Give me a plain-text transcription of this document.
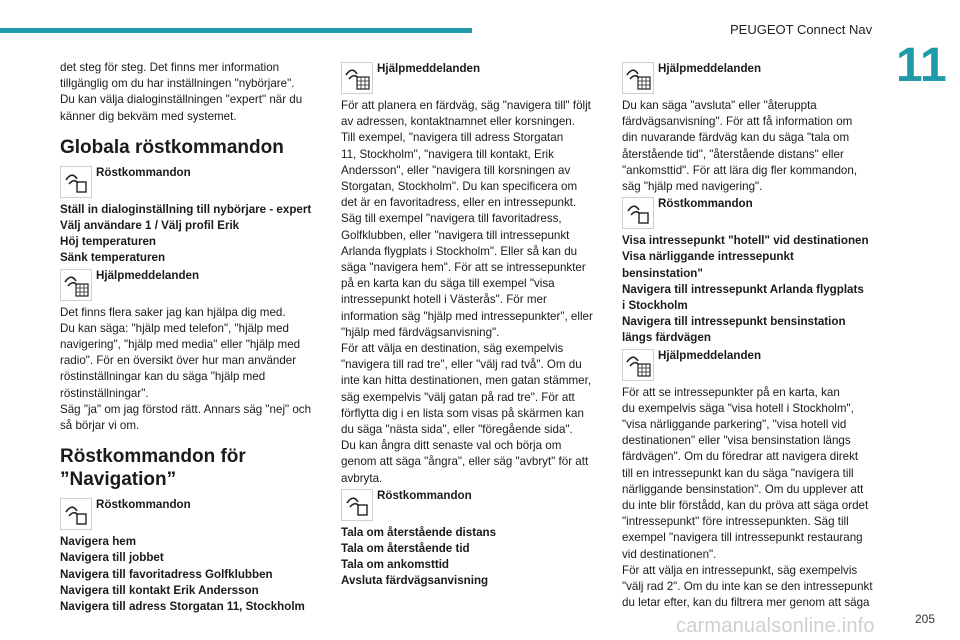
PEUGEOT Connect Nav
11

det steg för steg. Det finns mer information
tillgänglig om du har inställningen "nybörjare".
Du kan välja dialoginställningen "expert" när du
känner dig bekväm med systemet.

Globala röstkommandon
Röstkommandon

Ställ in dialoginställning till nybörjare - expert
Välj användare 1 / Välj profil Erik
Höj temperaturen
Sänk temperaturen

Hjälpmeddelanden

Det finns flera saker jag kan hjälpa dig med.
Du kan säga: "hjälp med telefon", "hjälp med
navigering", "hjälp med media" eller "hjälp med
radio". För en översikt över hur man använder
röstinställningar kan du säga "hjälp med
röstinställningar".
Säg "ja" om jag förstod rätt. Annars säg "nej" och
så börjar vi om.

Röstkommandon för
”Navigation”
Röstkommandon

Navigera hem
Navigera till jobbet
Navigera till favoritadress Golfklubben
Navigera till kontakt Erik Andersson
Navigera till adress Storgatan 11, Stockholm

Hjälpmeddelanden

För att planera en färdväg, säg "navigera till" följt
av adressen, kontaktnamnet eller korsningen.
Till exempel, "navigera till adress Storgatan
11, Stockholm", "navigera till kontakt, Erik
Andersson", eller "navigera till korsningen av
Storgatan, Stockholm". Du kan specificera om
det är en favoritadress, eller en intressepunkt.
Säg till exempel "navigera till favoritadress,
Golfklubben, eller "navigera till intressepunkt
Arlanda flygplats i Stockholm". Eller så kan du
säga "navigera hem". För att se intressepunkter
på en karta kan du säga till exempel "visa
intressepunkt hotell i Västerås". För mer
information säg "hjälp med intressepunkter", eller
"hjälp med färdvägsanvisning".
För att välja en destination, säg exempelvis
"navigera till rad tre", eller "välj rad två". Om du
inte kan hitta destinationen, men gatan stämmer,
säg exempelvis "välj gatan på rad tre". För att
förflytta dig i en lista som visas på skärmen kan
du säga "nästa sida", eller "föregående sida".
Du kan ångra ditt senaste val och börja om
genom att säga "ångra", eller säg "avbryt" för att
avbryta.

Röstkommandon

Tala om återstående distans
Tala om återstående tid
Tala om ankomsttid
Avsluta färdvägsanvisning

Hjälpmeddelanden

Du kan säga "avsluta" eller "återuppta
färdvägsanvisning". För att få information om
din nuvarande färdväg kan du säga "tala om
återstående tid", "återstående distans" eller
"ankomsttid". För att lära dig fler kommandon,
säg "hjälp med navigering".

Röstkommandon

Visa intressepunkt "hotell" vid destinationen
Visa närliggande intressepunkt
bensinstation"
Navigera till intressepunkt Arlanda flygplats
i Stockholm
Navigera till intressepunkt bensinstation
längs färdvägen

Hjälpmeddelanden

För att se intressepunkter på en karta, kan
du exempelvis säga "visa hotell i Stockholm",
"visa närliggande parkering", "visa hotell vid
destinationen" eller "visa bensinstation längs
färdvägen". Om du föredrar att navigera direkt
till en intressepunkt kan du säga "navigera till
närliggande bensinstation". Om du upplever att
du inte blir förstådd, kan du pröva att säga ordet
"intressepunkt" före intressepunkten. Säg till
exempel "navigera till intressepunkt restaurang
vid destinationen".
För att välja en intressepunkt, säg exempelvis
"välj rad 2". Om du inte kan se den intressepunkt
du letar efter, kan du filtrera mer genom att säga

carmanualsonline.info	205
